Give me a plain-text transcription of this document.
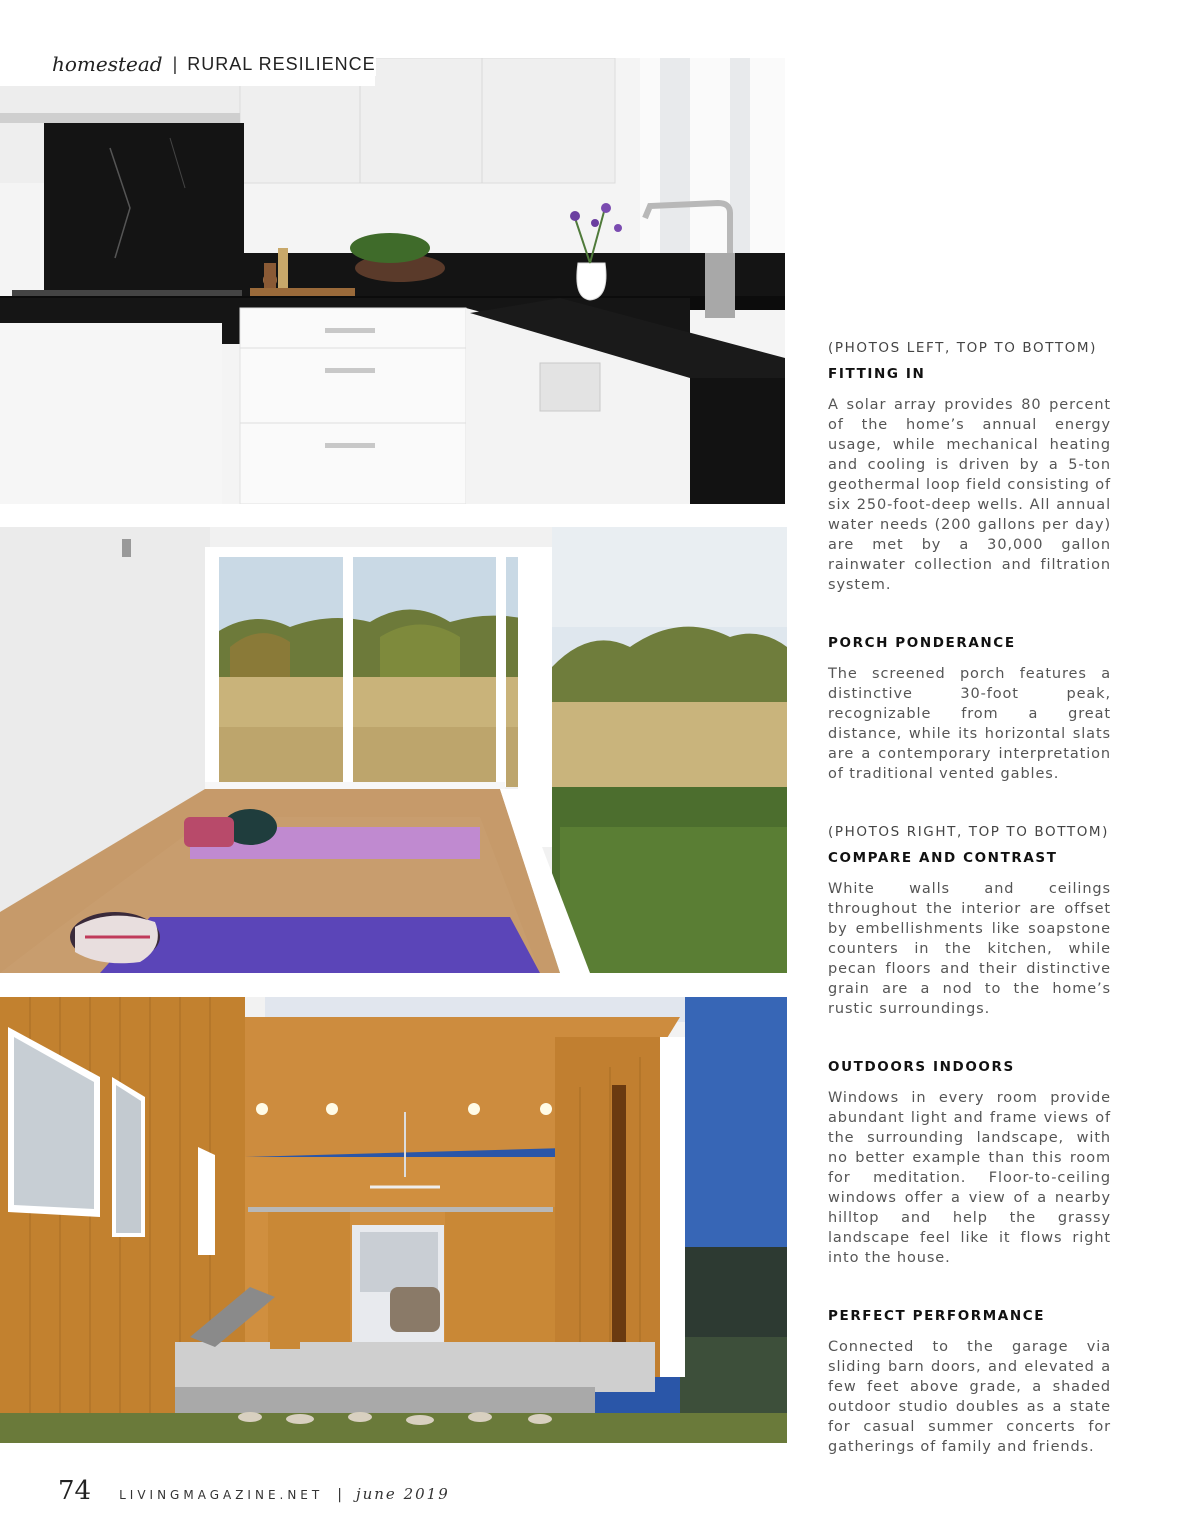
homestead | RURAL RESILIENCE
(PHOTOS LEFT, TOP TO BOTTOM)
FITTING IN
A solar array provides 80 percent of the home’s annual energy usage, while mechanical heating and cooling is driven by a 5-ton geothermal loop field consisting of six 250-foot-deep wells. All annual water needs (200 gallons per day) are met by a 30,000 gallon rainwater collection and filtration system.
PORCH PONDERANCE
The screened porch features a distinctive 30-foot peak, recognizable from a great distance, while its horizontal slats are a contemporary interpretation of traditional vented gables.
(PHOTOS RIGHT, TOP TO BOTTOM)
COMPARE AND CONTRAST
White walls and ceilings throughout the interior are offset by embellishments like soapstone counters in the kitchen, while pecan floors and their distinctive grain are a nod to the home’s rustic surroundings.
OUTDOORS INDOORS
Windows in every room provide abundant light and frame views of the surrounding landscape, with no better example than this room for meditation. Floor-to-ceiling windows offer a view of a nearby hilltop and help the grassy landscape feel like it flows right into the house.
PERFECT PERFORMANCE
Connected to the garage via sliding barn doors, and elevated a few feet above grade, a shaded outdoor studio doubles as a state for casual summer concerts for gatherings of family and friends.
74 LIVINGMAGAZINE.NET | june 2019
